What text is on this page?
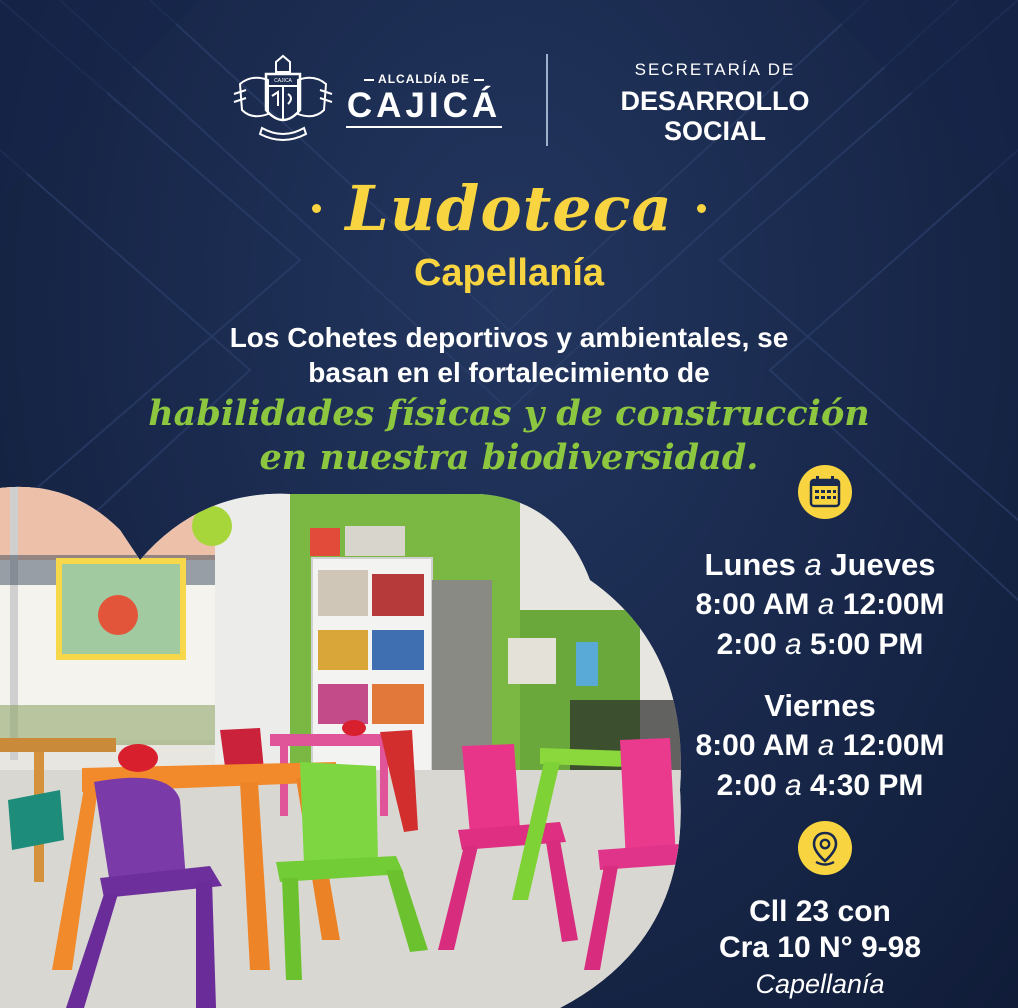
CAJICA	ALCALDÍA DE
CAJICÁ
SECRETARÍA DE
DESARROLLO
SOCIAL
Ludoteca
Capellanía
Los Cohetes deportivos y ambientales, se
basan en el fortalecimiento de
habilidades físicas y de construcción
en nuestra biodiversidad.
Lunes a Jueves
8:00 AM a 12:00M
2:00 a 5:00 PM
Viernes
8:00 AM a 12:00M
2:00 a 4:30 PM
Cll 23 con
Cra 10 N° 9-98
Capellanía
